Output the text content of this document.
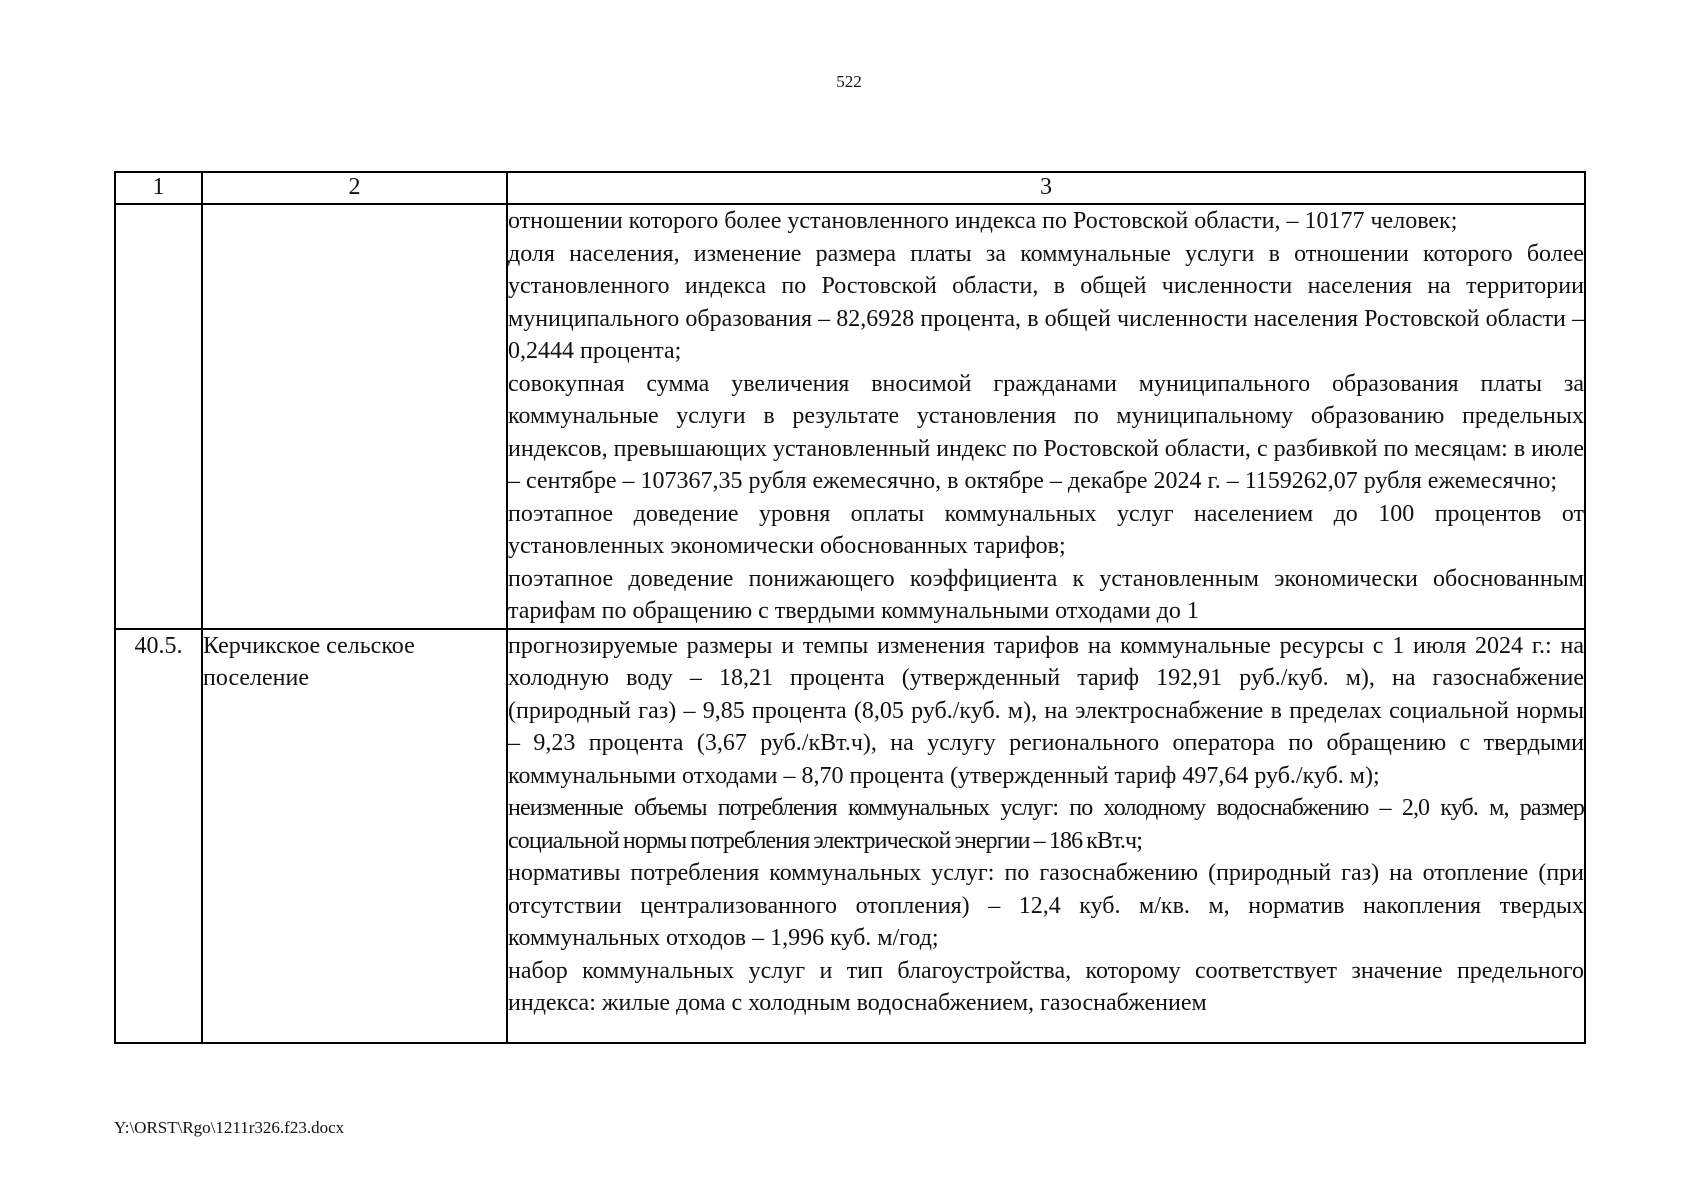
522
1	2	3

		отношении которого более установленного индекса по Ростовской области, – 10177 человек;
доля населения, изменение размера платы за коммунальные услуги в отношении которого более установленного индекса по Ростовской области, в общей численности населения на территории муниципального образования – 82,6928 процента, в общей численности населения Ростовской области – 0,2444 процента;
совокупная сумма увеличения вносимой гражданами муниципального образования платы за коммунальные услуги в результате установления по муниципальному образованию предельных индексов, превышающих установленный индекс по Ростовской области, с разбивкой по месяцам: в июле – сентябре – 107367,35 рубля ежемесячно, в октябре – декабре 2024 г. – 1159262,07 рубля ежемесячно;
поэтапное доведение уровня оплаты коммунальных услуг населением до 100 процентов от установленных экономически обоснованных тарифов;
поэтапное доведение понижающего коэффициента к установленным экономически обоснованным тарифам по обращению с твердыми коммунальными отходами до 1

40.5.	Керчикское сельское поселение	прогнозируемые размеры и темпы изменения тарифов на коммунальные ресурсы с 1 июля 2024 г.: на холодную воду – 18,21 процента (утвержденный тариф 192,91 руб./куб. м), на газоснабжение (природный газ) – 9,85 процента (8,05 руб./куб. м), на электроснабжение в пределах социальной нормы – 9,23 процента (3,67 руб./кВт.ч), на услугу регионального оператора по обращению с твердыми коммунальными отходами – 8,70 процента (утвержденный тариф 497,64 руб./куб. м);
неизменные объемы потребления коммунальных услуг: по холодному водоснабжению – 2,0 куб. м, размер социальной нормы потребления электрической энергии – 186 кВт.ч;
нормативы потребления коммунальных услуг: по газоснабжению (природный газ) на отопление (при отсутствии централизованного отопления) – 12,4 куб. м/кв. м, норматив накопления твердых коммунальных отходов – 1,996 куб. м/год;
набор коммунальных услуг и тип благоустройства, которому соответствует значение предельного индекса: жилые дома с холодным водоснабжением, газоснабжением
Y:\ORST\Rgo\1211r326.f23.docx
